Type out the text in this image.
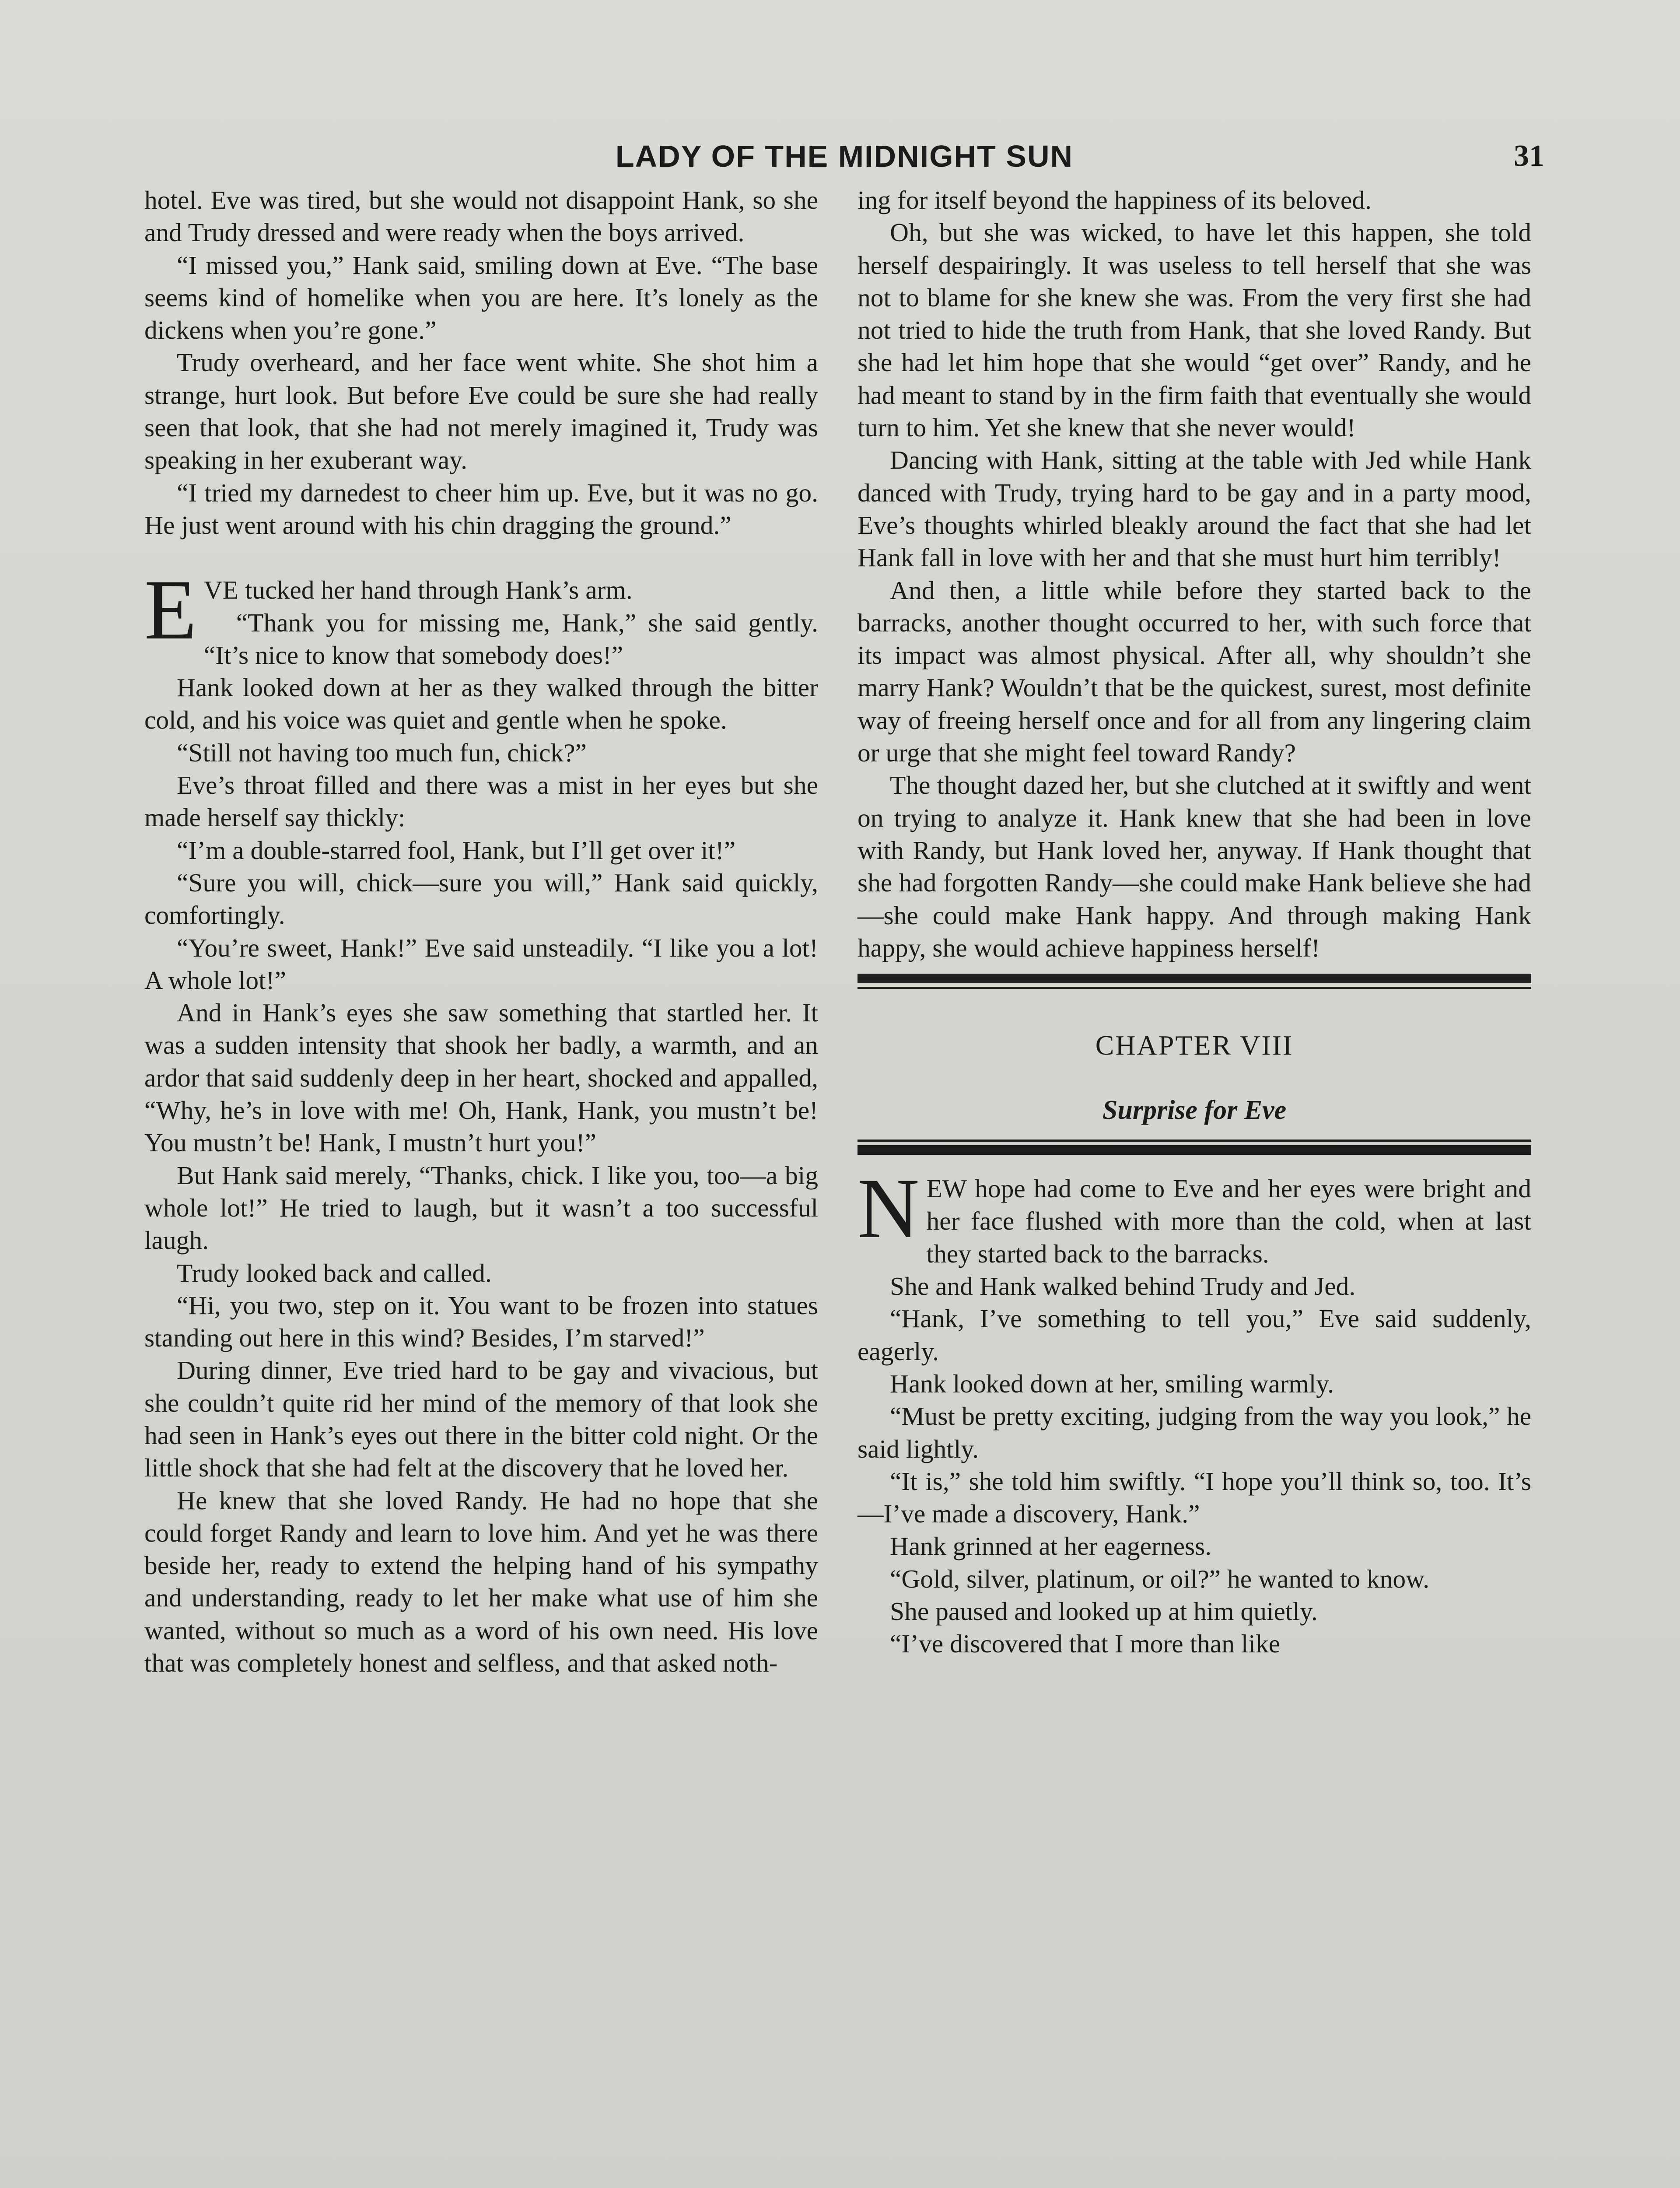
LADY OF THE MIDNIGHT SUN	31

hotel. Eve was tired, but she would not disappoint Hank, so she and Trudy dressed and were ready when the boys arrived.

“I missed you,” Hank said, smiling down at Eve. “The base seems kind of homelike when you are here. It’s lonely as the dickens when you’re gone.”

Trudy overheard, and her face went white. She shot him a strange, hurt look. But before Eve could be sure she had really seen that look, that she had not merely imagined it, Trudy was speaking in her exuberant way.

“I tried my darnedest to cheer him up. Eve, but it was no go. He just went around with his chin dragging the ground.”

EVE tucked her hand through Hank’s arm.

“Thank you for missing me, Hank,” she said gently. “It’s nice to know that somebody does!”

Hank looked down at her as they walked through the bitter cold, and his voice was quiet and gentle when he spoke.

“Still not having too much fun, chick?”

Eve’s throat filled and there was a mist in her eyes but she made herself say thickly:

“I’m a double-starred fool, Hank, but I’ll get over it!”

“Sure you will, chick—sure you will,” Hank said quickly, comfortingly.

“You’re sweet, Hank!” Eve said unsteadily. “I like you a lot! A whole lot!”

And in Hank’s eyes she saw something that startled her. It was a sudden intensity that shook her badly, a warmth, and an ardor that said suddenly deep in her heart, shocked and appalled, “Why, he’s in love with me! Oh, Hank, Hank, you mustn’t be! You mustn’t be! Hank, I mustn’t hurt you!”

But Hank said merely, “Thanks, chick. I like you, too—a big whole lot!” He tried to laugh, but it wasn’t a too successful laugh.

Trudy looked back and called.

“Hi, you two, step on it. You want to be frozen into statues standing out here in this wind? Besides, I’m starved!”

During dinner, Eve tried hard to be gay and vivacious, but she couldn’t quite rid her mind of the memory of that look she had seen in Hank’s eyes out there in the bitter cold night. Or the little shock that she had felt at the discovery that he loved her.

He knew that she loved Randy. He had no hope that she could forget Randy and learn to love him. And yet he was there beside her, ready to extend the helping hand of his sympathy and understanding, ready to let her make what use of him she wanted, without so much as a word of his own need. His love that was completely honest and selfless, and that asked noth-

ing for itself beyond the happiness of its beloved.

Oh, but she was wicked, to have let this happen, she told herself despairingly. It was useless to tell herself that she was not to blame for she knew she was. From the very first she had not tried to hide the truth from Hank, that she loved Randy. But she had let him hope that she would “get over” Randy, and he had meant to stand by in the firm faith that eventually she would turn to him. Yet she knew that she never would!

Dancing with Hank, sitting at the table with Jed while Hank danced with Trudy, trying hard to be gay and in a party mood, Eve’s thoughts whirled bleakly around the fact that she had let Hank fall in love with her and that she must hurt him terribly!

And then, a little while before they started back to the barracks, another thought occurred to her, with such force that its impact was almost physical. After all, why shouldn’t she marry Hank? Wouldn’t that be the quickest, surest, most definite way of freeing herself once and for all from any lingering claim or urge that she might feel toward Randy?

The thought dazed her, but she clutched at it swiftly and went on trying to analyze it. Hank knew that she had been in love with Randy, but Hank loved her, anyway. If Hank thought that she had forgotten Randy—she could make Hank believe she had—she could make Hank happy. And through making Hank happy, she would achieve happiness herself!

CHAPTER VIII
Surprise for Eve

NEW hope had come to Eve and her eyes were bright and her face flushed with more than the cold, when at last they started back to the barracks.

She and Hank walked behind Trudy and Jed.

“Hank, I’ve something to tell you,” Eve said suddenly, eagerly.

Hank looked down at her, smiling warmly.

“Must be pretty exciting, judging from the way you look,” he said lightly.

“It is,” she told him swiftly. “I hope you’ll think so, too. It’s—I’ve made a discovery, Hank.”

Hank grinned at her eagerness.

“Gold, silver, platinum, or oil?” he wanted to know.

She paused and looked up at him quietly.

“I’ve discovered that I more than like
